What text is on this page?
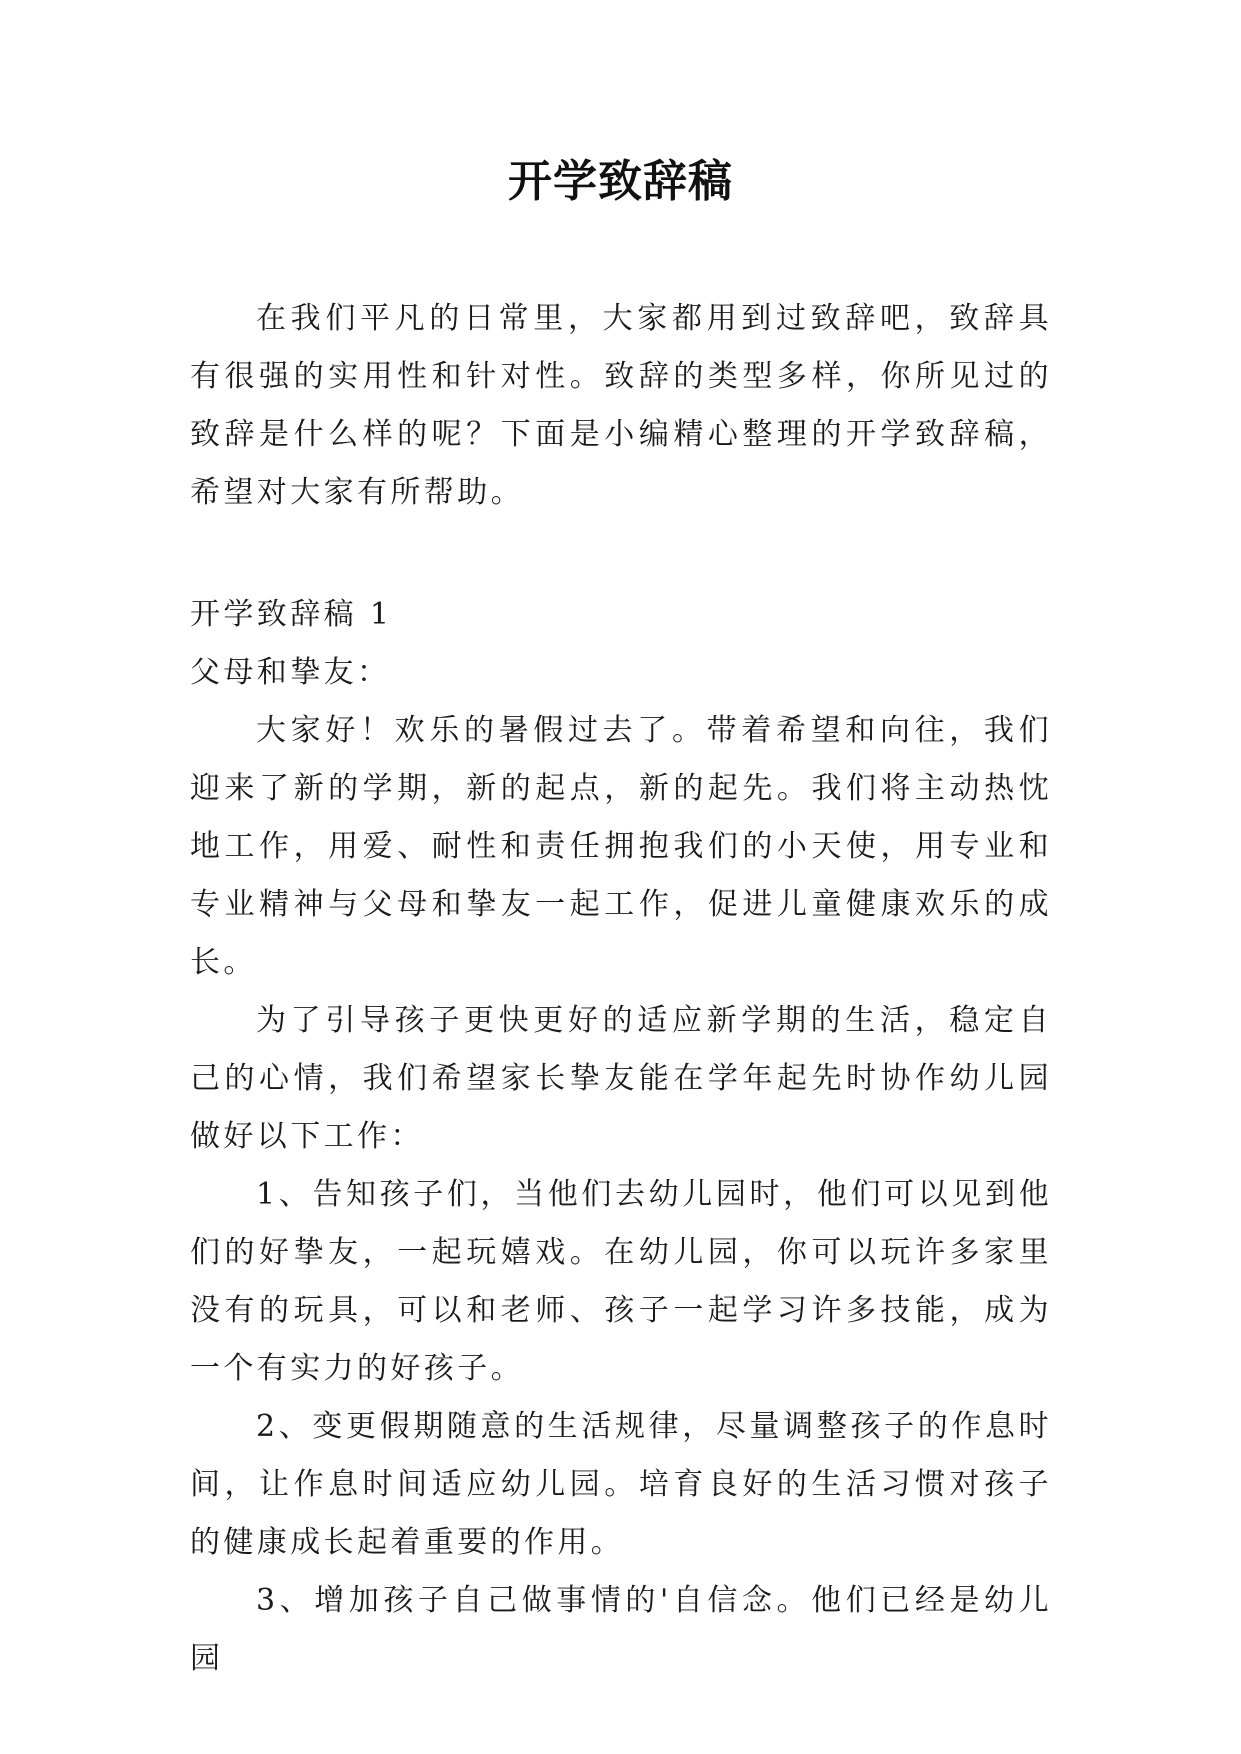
开学致辞稿

在我们平凡的日常里，大家都用到过致辞吧，致辞具有很强的实用性和针对性。致辞的类型多样，你所见过的致辞是什么样的呢？下面是小编精心整理的开学致辞稿，希望对大家有所帮助。

开学致辞稿 1

父母和挚友：

大家好！欢乐的暑假过去了。带着希望和向往，我们迎来了新的学期，新的起点，新的起先。我们将主动热忱地工作，用爱、耐性和责任拥抱我们的小天使，用专业和专业精神与父母和挚友一起工作，促进儿童健康欢乐的成长。

为了引导孩子更快更好的适应新学期的生活，稳定自己的心情，我们希望家长挚友能在学年起先时协作幼儿园做好以下工作：

1、告知孩子们，当他们去幼儿园时，他们可以见到他们的好挚友，一起玩嬉戏。在幼儿园，你可以玩许多家里没有的玩具，可以和老师、孩子一起学习许多技能，成为一个有实力的好孩子。

2、变更假期随意的生活规律，尽量调整孩子的作息时间，让作息时间适应幼儿园。培育良好的生活习惯对孩子的健康成长起着重要的作用。

3、增加孩子自己做事情的'自信念。他们已经是幼儿园
